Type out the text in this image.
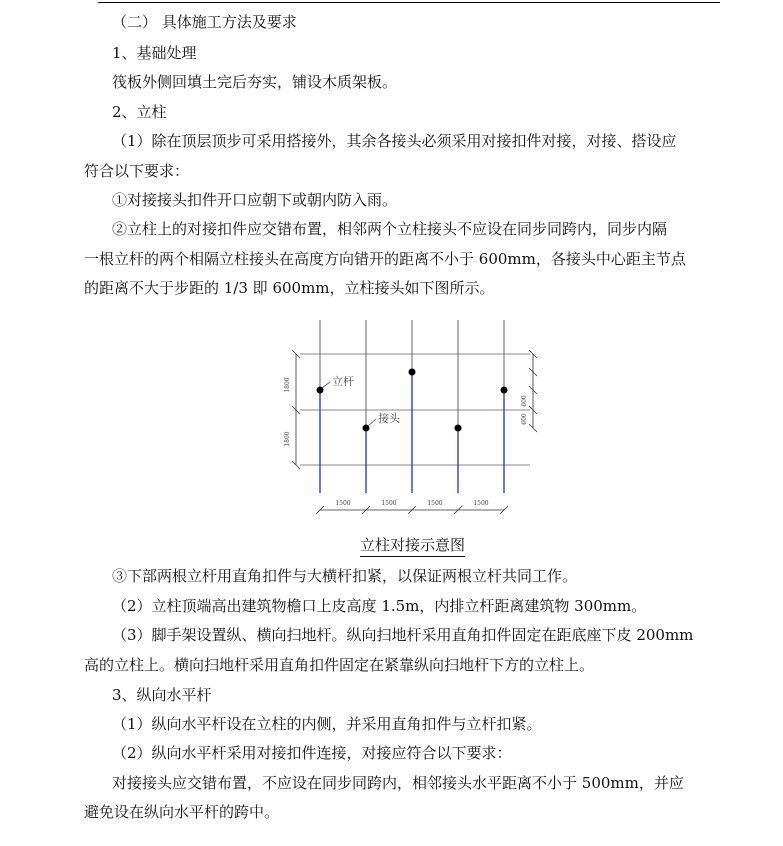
（二） 具体施工方法及要求
1、基础处理
筏板外侧回填土完后夯实，铺设木质架板。
2、立柱
（1）除在顶层顶步可采用搭接外，其余各接头必须采用对接扣件对接，对接、搭设应
符合以下要求：
①对接接头扣件开口应朝下或朝内防入雨。
②立柱上的对接扣件应交错布置，相邻两个立柱接头不应设在同步同跨内，同步内隔
一根立杆的两个相隔立柱接头在高度方向错开的距离不小于 600mm，各接头中心距主节点
的距离不大于步距的 1/3 即 600mm，立柱接头如下图所示。
立杆
接头
1800
1800
600
600
1500	1500	1500	1500
立柱对接示意图
③下部两根立杆用直角扣件与大横杆扣紧，以保证两根立杆共同工作。
（2）立柱顶端高出建筑物檐口上皮高度 1.5m，内排立杆距离建筑物 300mm。
（3）脚手架设置纵、横向扫地杆。纵向扫地杆采用直角扣件固定在距底座下皮 200mm
高的立柱上。横向扫地杆采用直角扣件固定在紧靠纵向扫地杆下方的立柱上。
3、纵向水平杆
（1）纵向水平杆设在立柱的内侧，并采用直角扣件与立杆扣紧。
（2）纵向水平杆采用对接扣件连接，对接应符合以下要求：
对接接头应交错布置，不应设在同步同跨内，相邻接头水平距离不小于 500mm，并应
避免设在纵向水平杆的跨中。
